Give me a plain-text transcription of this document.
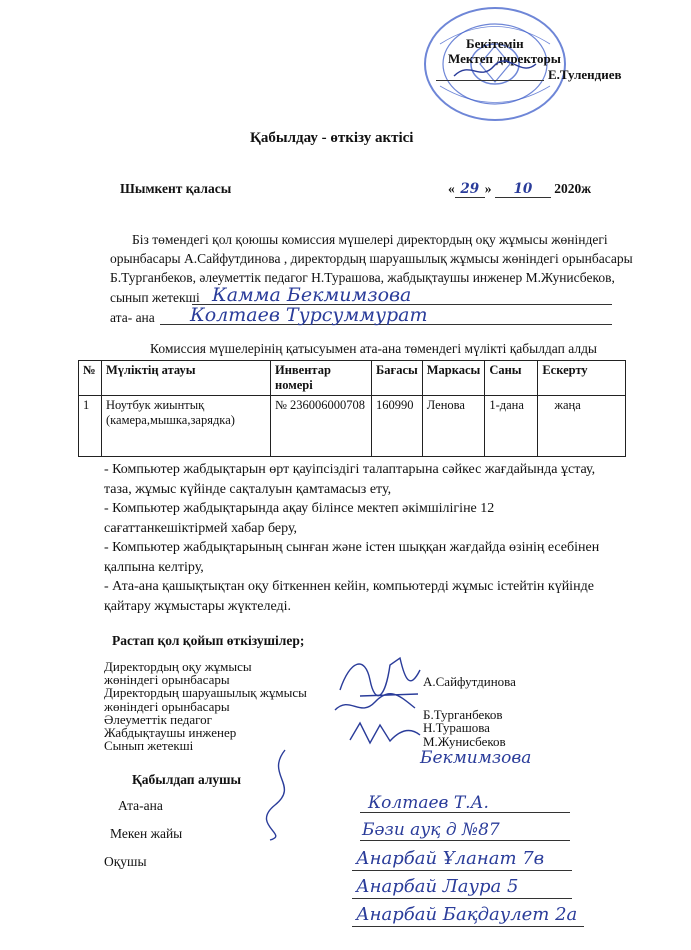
Бекітемін
Мектеп директоры
Е.Тулендиев
Қабылдау - өткізу актісі
Шымкент қаласы	« 29 » 10 2020ж
Біз төмендегі қол қоюшы комиссия мүшелері директордың оқу жұмысы жөніндегі
орынбасары А.Сайфутдинова , директордың шаруашылық жұмысы жөніндегі орынбасары
Б.Турганбеков, әлеуметтік педагог Н.Турашова, жабдықтаушы инженер М.Жунисбеков,
сынып жетекші Камма Бекмимзова
ата- ана Колтаев Турсуммурат
Комиссия мүшелерінің қатысуымен ата-ана төмендегі мүлікті қабылдап алды
№	Мүліктің атауы	Инвентар номері	Бағасы	Маркасы	Саны	Ескерту
1	Ноутбук жиынтық (камера,мышка,зарядка)	№ 236006000708	160990	Ленова	1-дана	жаңа
- Компьютер жабдықтарын өрт қауіпсіздігі талаптарына сәйкес жағдайында ұстау,
таза, жұмыс күйінде сақталуын қамтамасыз ету,
- Компьютер жабдықтарында ақау білінсе мектеп әкімшілігіне 12
сағаттанкешіктірмей хабар беру,
- Компьютер жабдықтарының сынған және істен шыққан жағдайда өзінің есебінен
қалпына келтіру,
- Ата-ана қашықтықтан оқу біткеннен кейін, компьютерді жұмыс істейтін күйінде
қайтару жұмыстары жүктеледі.
Растап қол қойып өткізушілер;
Директордың оқу жұмысы
жөніндегі орынбасары
Директордың шаруашылық жұмысы
жөніндегі орынбасары
Әлеуметтік педагог
Жабдықтаушы инженер
Сынып жетекші
А.Сайфутдинова
Б.Турганбеков
Н.Турашова
М.Жунисбеков
Бекмимзова
Қабылдап алушы
Ата-ана	Колтаев Т.А.
Мекен жайы	Бәзи ауқ д №87
Оқушы	Анарбай Ұланат 7в
Анарбай Лаура 5
Анарбай Бақдаулет 2а
